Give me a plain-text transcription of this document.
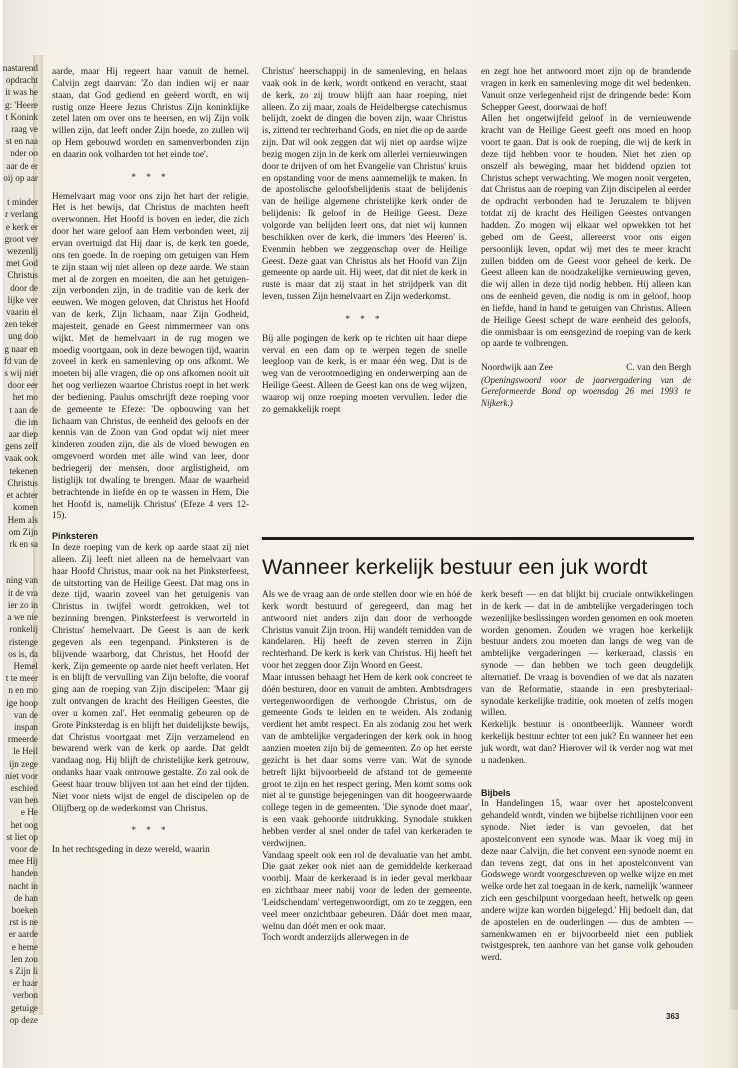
nastarend
opdracht
it was he
g: 'Heere
t Konink
raag ve
st en naa
nder oo
aar de er
oij op aar
t minder
r verlang
e kerk er
groot ver
wezenlij
met God
Christus
door de
lijke ver
vaarin el
zen teker
ung doo
g naar en
fd van de
s wij niet
door eer
het mo
t aan de
die im
aar diep
gens zelf
vaak ook
tekenen
Christus
et achter
komen
Hem als
om Zijn
rk en sa
ning van
it de vra
ier zo in
a we nie
ronkelij
ristenge
os is, da
Hemel
t te meer
n en mo
ige hoop
van de
inspan
rmeerde
le Heil
ijn zege
niet voor
eschied
van hen
e He
het oog
st liet op
voor de
mee Hij
handen
nacht in
de han
boeken
rst is ne
er aarde
e heme
len zou
s Zijn li
er haar
verbon
getuige
op deze

aarde, maar Hij regeert haar vanuit de hemel. Calvijn zegt daarvan: 'Zo dan indien wij er naar staan, dat God gediend en geëerd wordt, en wij rustig onze Heere Jezus Christus Zijn koninklijke zetel laten om over ons te heersen, en wij Zijn volk willen zijn, dat leeft onder Zijn hoede, zo zullen wij op Hem gebouwd worden en samenverbonden zijn en daarin ook volharden tot het einde toe'.

* * *

Hemelvaart mag voor ons zijn het hart der religie. Het is het bewijs, dat Christus de machten heeft overwonnen. Het Hoofd is boven en ieder, die zich door het ware geloof aan Hem verbonden weet, zij ervan overtuigd dat Hij daar is, de kerk ten goede, ons ten goede. In de roeping om getuigen van Hem te zijn staan wij niet alleen op deze aarde. We staan met al de zorgen en moeiten, die aan het getuigen-zijn verbonden zijn, in de traditie van de kerk der eeuwen. We mogen geloven, dat Christus het Hoofd van de kerk, Zijn lichaam, naar Zijn Godheid, majesteit, genade en Geest nimmermeer van ons wijkt. Met de hemelvaart in de rug mogen we moedig voortgaan, ook in deze bewogen tijd, waarin zoveel in kerk en samenleving op ons afkomt. We moeten bij alle vragen, die op ons afkomen nooit uit het oog verliezen waartoe Christus roept in het werk der bediening. Paulus omschrijft deze roeping voor de gemeente te Efeze: 'De opbouwing van het lichaam van Christus, de eenheid des geloofs en der kennis van de Zoon van God opdat wij niet meer kinderen zouden zijn, die als de vloed bewogen en omgevoerd worden met alle wind van leer, door bedriegerij der mensen, door arglistigheid, om listiglijk tot dwaling te brengen. Maar de waarheid betrachtende in liefde en op te wassen in Hem, Die het Hoofd is, namelijk Christus' (Efeze 4 vers 12-15).

Pinksteren

In deze roeping van de kerk op aarde staat zij niet alleen. Zij leeft niet alleen na de hemelvaart van haar Hoofd Christus, maar ook na het Pinksterfeest, de uitstorting van de Heilige Geest. Dat mag ons in deze tijd, waarin zoveel van het getuigenis van Christus in twijfel wordt getrokken, wel tot bezinning brengen. Pinksterfeest is verworteld in Christus' hemelvaart. De Geest is aan de kerk gegeven als een tegenpand. Pinksteren is de blijvende waarborg, dat Christus, het Hoofd der kerk, Zijn gemeente op aarde niet heeft verlaten. Het is en blijft de vervulling van Zijn belofte, die vooraf ging aan de roeping van Zijn discipelen: 'Maar gij zult ontvangen de kracht des Heiligen Geestes, die over u komen zal'. Het eenmalig gebeuren op de Grote Pinksterdag is en blijft het duidelijkste bewijs, dat Christus voortgaat met Zijn verzamelend en bewarend werk van de kerk op aarde. Dat geldt vandaag nog. Hij blijft de christelijke kerk getrouw, ondanks haar vaak ontrouwe gestalte. Zo zal ook de Geest haar trouw blijven tot aan het eind der tijden. Niet voor niets wijst de engel de discipelen op de Olijfberg op de wederkomst van Christus.

* * *

In het rechtsgeding in deze wereld, waarin

Christus' heerschappij in de samenleving, en helaas vaak ook in de kerk, wordt ontkend en veracht, staat de kerk, zo zij trouw blijft aan haar roeping, niet alleen. Zo zij maar, zoals de Heidelbergse catechismus belijdt, zoekt de dingen die boven zijn, waar Christus is, zittend ter rechterhand Gods, en niet die op de aarde zijn. Dat wil ook zeggen dat wij niet op aardse wijze bezig mogen zijn in de kerk om allerlei vernieuwingen door te drijven of om het Evangelie van Christus' kruis en opstanding voor de mens aannemelijk te maken. In de apostolische geloofsbelijdenis staat de belijdenis van de heilige algemene christelijke kerk onder de belijdenis: Ik geloof in de Heilige Geest. Deze volgorde van belijden leert ons, dat niet wij kunnen beschikken over de kerk, die immers 'des Heeren' is. Evenmin hebben we zeggenschap over de Heilige Geest. Deze gaat van Christus als het Hoofd van Zijn gemeente op aarde uit. Hij weet, dat dit niet de kerk in ruste is maar dat zij staat in het strijdperk van dit leven, tussen Zijn hemelvaart en Zijn wederkomst.

* * *

Bij alle pogingen de kerk op te richten uit haar diepe verval en een dam op te werpen tegen de snelle leegloop van de kerk, is er maar één weg. Dat is de weg van de verootmoediging en onderwerping aan de Heilige Geest. Alleen de Geest kan ons de weg wijzen, waarop wij onze roeping moeten vervullen. Ieder die zo gemakkelijk roept

en zegt hoe het antwoord moet zijn op de brandende vragen in kerk en samenleving moge dit wel bedenken. Vanuit onze verlegenheid rijst de dringende bede: Kom Schepper Geest, doorwaai de hof!

Allen het ongetwijfeld geloof in de vernieuwende kracht van de Heilige Geest geeft ons moed en hoop voort te gaan. Dat is ook de roeping, die wij de kerk in deze tijd hebben voor te houden. Niet het zien op onszelf als beweging, maar het biddend opzien tot Christus schept verwachting. We mogen nooit vergeten, dat Christus aan de roeping van Zijn discipelen al eerder de opdracht verbonden had te Jeruzalem te blijven totdat zij de kracht des Heiligen Geestes ontvangen hadden. Zo mogen wij elkaar wel opwekken tot het gebed om de Geest, allereerst voor ons eigen persoonlijk leven, opdat wij met des te meer kracht zullen bidden om de Geest voor geheel de kerk. De Geest alleen kan de noodzakelijke vernieuwing geven, die wij allen in deze tijd nodig hebben. Hij alleen kan ons de eenheid geven, die nodig is om in geloof, hoop en liefde, hand in hand te getuigen van Christus. Alleen de Heilige Geest schept de ware eenheid des geloofs, die onmisbaar is om eensgezind de roeping van de kerk op aarde te volbrengen.

Noordwijk aan Zee	C. van den Bergh

(Openingswoord voor de jaarvergadering van de Gereformeerde Bond op woensdag 26 mei 1993 te Nijkerk.)

Wanneer kerkelijk bestuur een juk wordt

Als we de vraag aan de orde stellen door wie en hóé de kerk wordt bestuurd of geregeerd, dan mag het antwoord niet anders zijn dan door de verhoogde Christus vanuit Zijn troon. Hij wandelt temidden van de kandelaren. Hij heeft de zeven sterren in Zijn rechterhand. De kerk is kerk van Christus. Hij heeft het voor het zeggen door Zijn Woord en Geest.

Maar intussen behaagt het Hem de kerk ook concreet te dóén besturen, door en vanuit de ambten. Ambtsdragers vertegenwoordigen de verhoogde Christus, om de gemeente Gods te leiden en te weiden. Als zodanig verdient het ambt respect. En als zodanig zou het werk van de ambtelijke vergaderingen der kerk ook in hoog aanzien moeten zijn bij de gemeenten. Zo op het eerste gezicht is het daar soms verre van. Wat de synode betreft lijkt bijvoorbeeld de afstand tot de gemeente groot te zijn en het respect gering. Men komt soms ook niet al te gunstige bejegeningen van dit hoogeerwaarde college tegen in de gemeenten. 'Die synode doet maar', is een vaak gehoorde uitdrukking. Synodale stukken hebben verder al snel onder de tafel van kerkeraden te verdwijnen.

Vandaag speelt ook een rol de devaluatie van het ambt. Die gaat zeker ook niet aan de gemiddelde kerkeraad voorbij. Maar de kerkeraad is in ieder geval merkbaar en zichtbaar meer nabij voor de leden der gemeente. 'Leidschendam' vertegenwoordigt, om zo te zeggen, een veel meer onzichtbaar gebeuren. Dáár doet men maar, welnu dan dóét men er ook maar.

Toch wordt anderzijds allerwegen in de

kerk beseft — en dat blijkt bij cruciale ontwikkelingen in de kerk — dat in de ambtelijke vergaderingen toch wezenlijke beslissingen worden genomen en ook moeten worden genomen. Zouden we vragen hoe kerkelijk bestuur anders zou moeten dan langs de weg van de ambtelijke vergaderingen — kerkeraad, classis en synode — dan hebben we toch geen deugdelijk alternatief. De vraag is bovendien of we dat als nazaten van de Reformatie, staande in een presbyteriaal-synodale kerkelijke traditie, ook moeten of zelfs mogen willen.

Kerkelijk bestuur is onontbeerlijk. Wanneer wordt kerkelijk bestuur echter tot een juk? En wanneer het een juk wordt, wat dan? Hierover wil ik verder nog wat met u nadenken.

Bijbels

In Handelingen 15, waar over het apostelconvent gehandeld wordt, vinden we bijbelse richtlijnen voor een synode. Niet ieder is van gevoelen, dat het apostelconvent een synode was. Maar ik voeg mij in deze naar Calvijn, die het convent een synode noemt en dan tevens zegt, dat ons in het apostelconvent van Godswege wordt voorgeschreven op welke wijze en met welke orde het zal toegaan in de kerk, namelijk 'wanneer zich een geschilpunt voorgedaan heeft, hetwelk op geen andere wijze kan worden bijgelegd.' Hij bedoelt dan, dat de apostelen en de ouderlingen — dus de ambten — samenkwamen en er bijvoorbeeld niet een publiek twistgesprek, ten aanhore van het ganse volk gehouden werd.

363
